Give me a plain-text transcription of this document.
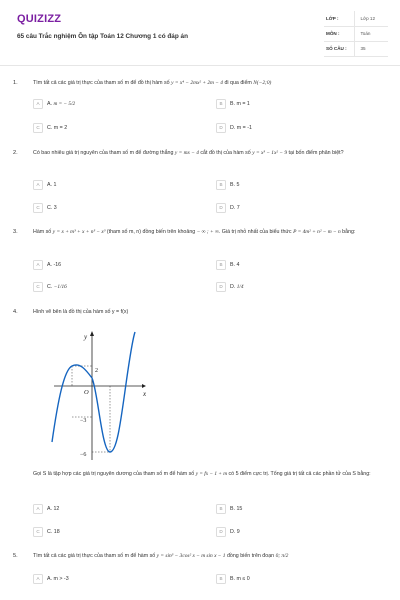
QUIZIZZ
65 câu Trắc nghiệm Ôn tập Toán 12 Chương 1 có đáp án
LỚP :	Lớp 12
MÔN :	Toán
SỐ CÂU :	35
1.	Tìm tất cả các giá trị thực của tham số m để đồ thị hàm số y = x⁴ − 2mx² + 2m − 4 đi qua điểm N(−2;0)
A	A. m = − 5/2	B	B. m = 1
C	C. m = 2	D	D. m = -1
2.	Có bao nhiêu giá trị nguyên của tham số m để đường thẳng y = mx − 4 cắt đồ thị của hàm số y = x³ − 1x² − 9 tại bốn điểm phân biệt?
A	A. 1	B	B. 5
C	C. 3	D	D. 7
3.	Hàm số y = x + m³ + x + n³ − x³ (tham số m, n) đồng biến trên khoảng − ∞ ; + ∞. Giá trị nhỏ nhất của biểu thức P = 4m² + n² − m − n bằng:
A	A. -16	B	B. 4
C	C. −1/16	D	D. 1/4
4.	Hình vẽ bên là đồ thị của hàm số y = f(x)
y
x
O
2
−3
−6
Gọi S là tập hợp các giá trị nguyên dương của tham số m để hàm số y = fx − 1 + m có 5 điểm cực trị. Tổng giá trị tất cả các phần tử của S bằng:
A	A. 12	B	B. 15
C	C. 18	D	D. 9
5.	Tìm tất cả các giá trị thực của tham số m để hàm số y = sin³ − 3cos² x − m sin x − 1 đồng biến trên đoạn 0; π/2
A	A. m > -3	B	B. m ≤ 0
